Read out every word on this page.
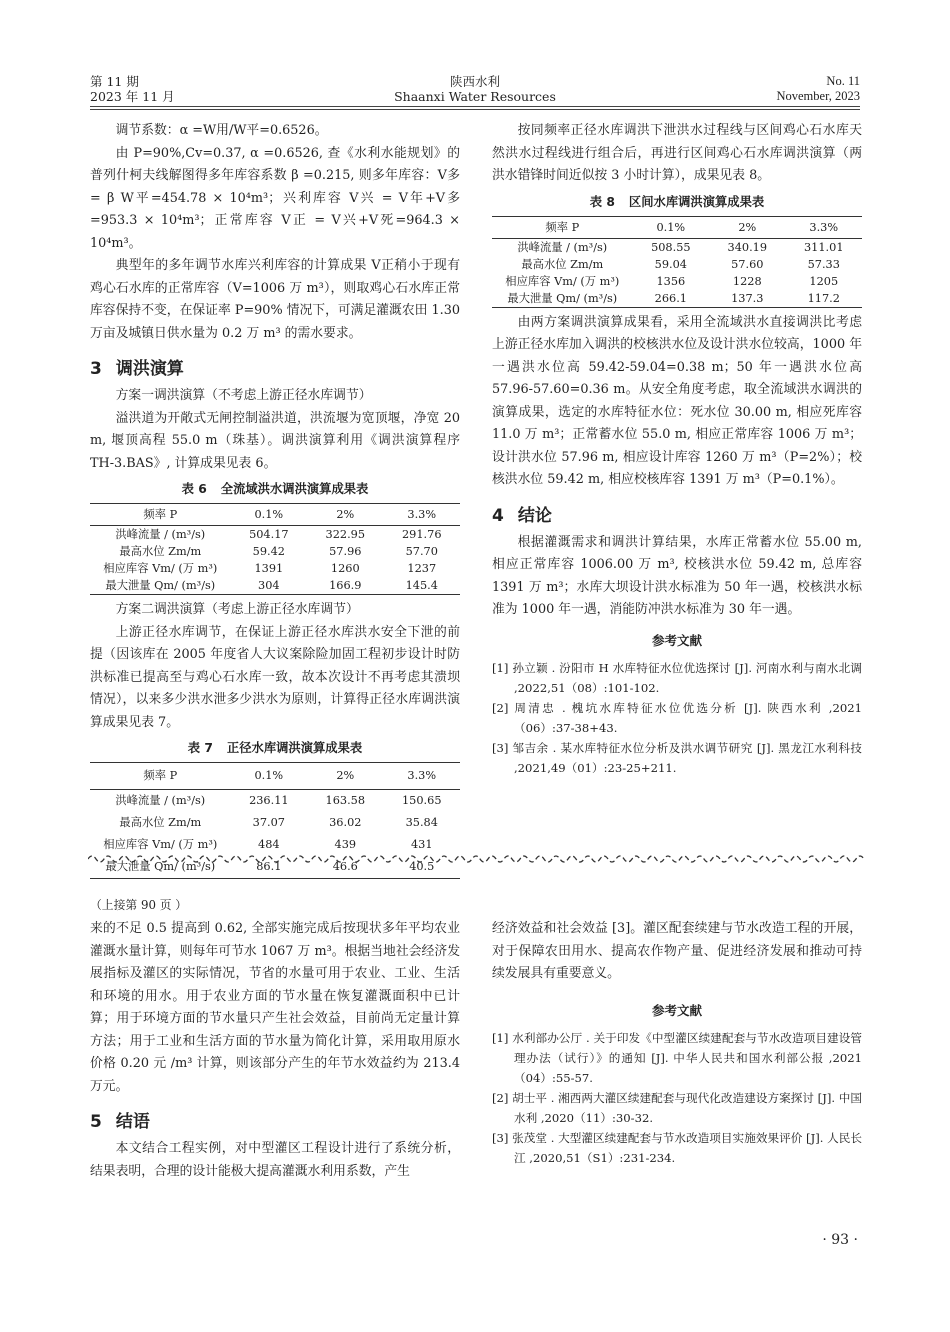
第 11 期
2023 年 11 月
陕西水利
Shaanxi Water Resources
No. 11
November, 2023

调节系数：α =W用/W平=0.6526。

由 P=90%,Cv=0.37, α =0.6526, 查《水利水能规划》的普列什柯夫线解图得多年库容系数 β =0.215, 则多年库容：V多= β W平=454.78 × 10⁴m³；兴利库容 V兴 = V年+V多=953.3 × 10⁴m³；正常库容 V正 = V兴+V死=964.3 × 10⁴m³。

典型年的多年调节水库兴利库容的计算成果 V正稍小于现有鸡心石水库的正常库容（V=1006 万 m³），则取鸡心石水库正常库容保持不变，在保证率 P=90% 情况下，可满足灌溉农田 1.30 万亩及城镇日供水量为 0.2 万 m³ 的需水要求。

3 调洪演算

方案一调洪演算（不考虑上游正径水库调节）

溢洪道为开敞式无闸控制溢洪道，洪流堰为宽顶堰，净宽 20 m, 堰顶高程 55.0 m（珠基）。调洪演算利用《调洪演算程序 TH-3.BAS》, 计算成果见表 6。

表 6 全流域洪水调洪演算成果表
频率 P	0.1%	2%	3.3%
洪峰流量 / (m³/s)	504.17	322.95	291.76
最高水位 Zm/m	59.42	57.96	57.70
相应库容 Vm/ (万 m³)	1391	1260	1237
最大泄量 Qm/ (m³/s)	304	166.9	145.4

方案二调洪演算（考虑上游正径水库调节）

上游正径水库调节，在保证上游正径水库洪水安全下泄的前提（因该库在 2005 年度省人大议案除险加固工程初步设计时防洪标准已提高至与鸡心石水库一致，故本次设计不再考虑其溃坝情况），以来多少洪水泄多少洪水为原则，计算得正径水库调洪演算成果见表 7。

表 7 正径水库调洪演算成果表
频率 P	0.1%	2%	3.3%
洪峰流量 / (m³/s)	236.11	163.58	150.65
最高水位 Zm/m	37.07	36.02	35.84
相应库容 Vm/ (万 m³)	484	439	431
最大泄量 Qm/ (m³/s)	86.1	46.6	40.5

按同频率正径水库调洪下泄洪水过程线与区间鸡心石水库天然洪水过程线进行组合后，再进行区间鸡心石水库调洪演算（两洪水错锋时间近似按 3 小时计算），成果见表 8。

表 8 区间水库调洪演算成果表
频率 P	0.1%	2%	3.3%
洪峰流量 / (m³/s)	508.55	340.19	311.01
最高水位 Zm/m	59.04	57.60	57.33
相应库容 Vm/ (万 m³)	1356	1228	1205
最大泄量 Qm/ (m³/s)	266.1	137.3	117.2

由两方案调洪演算成果看，采用全流域洪水直接调洪比考虑上游正径水库加入调洪的校核洪水位及设计洪水位较高，1000 年一遇洪水位高 59.42-59.04=0.38 m；50 年一遇洪水位高 57.96-57.60=0.36 m。从安全角度考虑，取全流域洪水调洪的演算成果，选定的水库特征水位：死水位 30.00 m, 相应死库容 11.0 万 m³；正常蓄水位 55.0 m, 相应正常库容 1006 万 m³；设计洪水位 57.96 m, 相应设计库容 1260 万 m³（P=2%）；校核洪水位 59.42 m, 相应校核库容 1391 万 m³（P=0.1%）。

4 结论

根据灌溉需求和调洪计算结果，水库正常蓄水位 55.00 m, 相应正常库容 1006.00 万 m³, 校核洪水位 59.42 m, 总库容 1391 万 m³；水库大坝设计洪水标准为 50 年一遇，校核洪水标准为 1000 年一遇，消能防冲洪水标准为 30 年一遇。

参考文献

[1] 孙立颖 . 汾阳市 H 水库特征水位优选探讨 [J]. 河南水利与南水北调 ,2022,51（08）:101-102.

[2] 周清忠 . 槐坑水库特征水位优选分析 [J]. 陕西水利 ,2021（06）:37-38+43.

[3] 邹吉余 . 某水库特征水位分析及洪水调节研究 [J]. 黑龙江水利科技 ,2021,49（01）:23-25+211.

（上接第 90 页 ）

来的不足 0.5 提高到 0.62, 全部实施完成后按现状多年平均农业灌溉水量计算，则每年可节水 1067 万 m³。根据当地社会经济发展指标及灌区的实际情况，节省的水量可用于农业、工业、生活和环境的用水。用于农业方面的节水量在恢复灌溉面积中已计算；用于环境方面的节水量只产生社会效益，目前尚无定量计算方法；用于工业和生活方面的节水量为简化计算，采用取用原水价格 0.20 元 /m³ 计算，则该部分产生的年节水效益约为 213.4 万元。

5 结语

本文结合工程实例，对中型灌区工程设计进行了系统分析，结果表明，合理的设计能极大提高灌溉水利用系数，产生

经济效益和社会效益 [3]。灌区配套续建与节水改造工程的开展，对于保障农田用水、提高农作物产量、促进经济发展和推动可持续发展具有重要意义。

参考文献

[1] 水利部办公厅 . 关于印发《中型灌区续建配套与节水改造项目建设管理办法（试行）》的通知 [J]. 中华人民共和国水利部公报 ,2021（04）:55-57.

[2] 胡士平 . 湘西两大灌区续建配套与现代化改造建设方案探讨 [J]. 中国水利 ,2020（11）:30-32.

[3] 张茂堂 . 大型灌区续建配套与节水改造项目实施效果评价 [J]. 人民长江 ,2020,51（S1）:231-234.

· 93 ·
